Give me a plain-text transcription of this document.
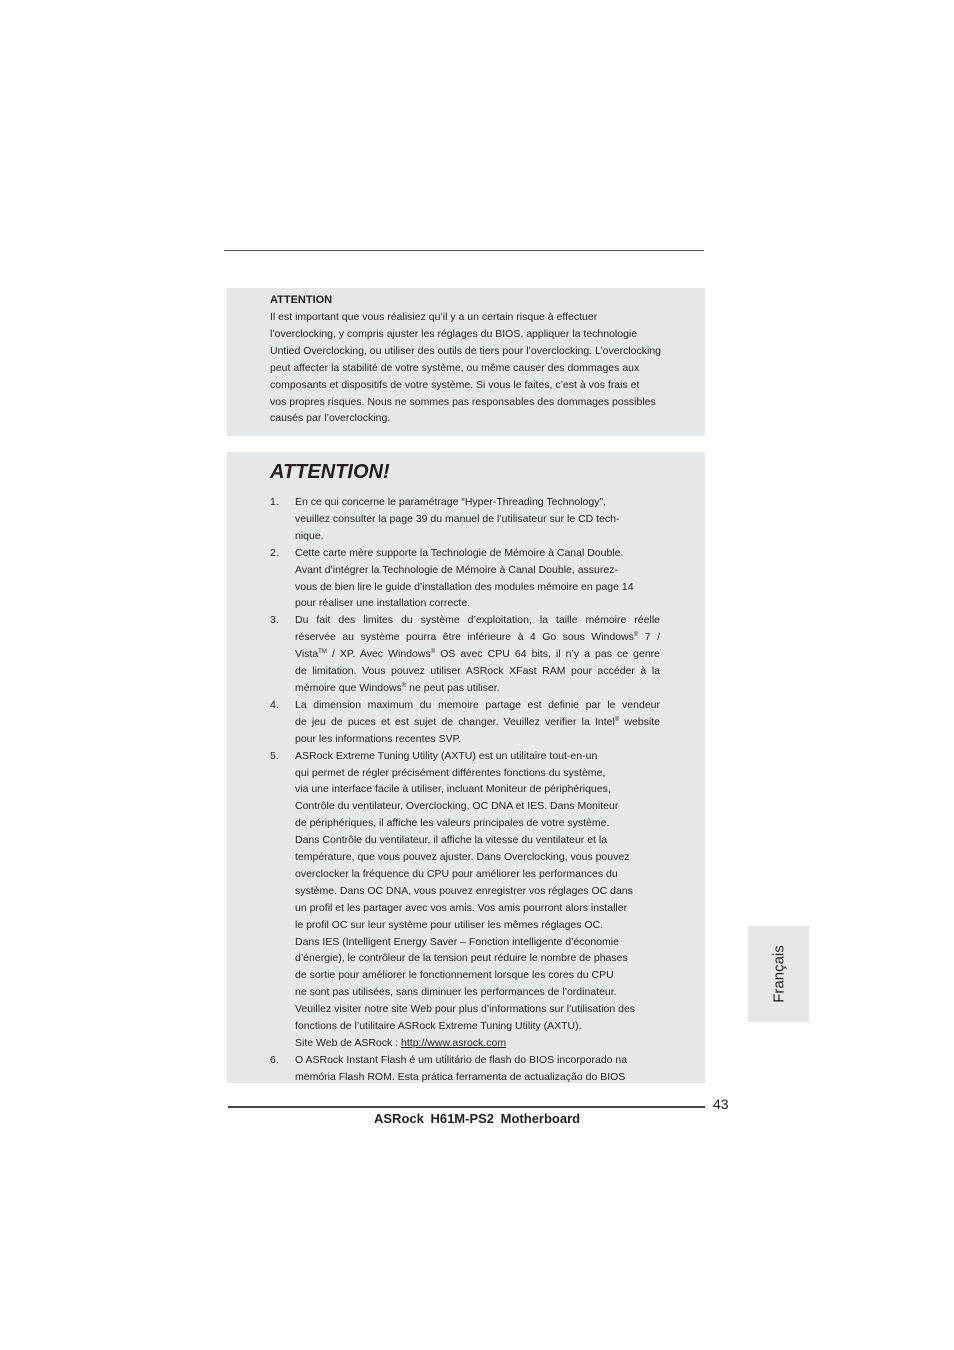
ATTENTION
Il est important que vous réalisiez qu’il y a un certain risque à effectuer
l’overclocking, y compris ajuster les réglages du BIOS, appliquer la technologie
Untied Overclocking, ou utiliser des outils de tiers pour l’overclocking. L’overclocking
peut affecter la stabilité de votre système, ou même causer des dommages aux
composants et dispositifs de votre système. Si vous le faites, c’est à vos frais et
vos propres risques. Nous ne sommes pas responsables des dommages possibles
causés par l’overclocking.
ATTENTION!
1.	En ce qui concerne le paramétrage “Hyper-Threading Technology”,
veuillez consulter la page 39 du manuel de l’utilisateur sur le CD tech-
nique.
2.	Cette carte mère supporte la Technologie de Mémoire à Canal Double.
Avant d’intégrer la Technologie de Mémoire à Canal Double, assurez-
vous de bien lire le guide d’installation des modules mémoire en page 14
pour réaliser une installation correcte.
3.	Du fait des limites du système d’exploitation, la taille mémoire réelle
réservée au système pourra être inférieure à 4 Go sous Windows® 7 /
Vista™ / XP. Avec Windows® OS avec CPU 64 bits, il n’y a pas ce genre
de limitation. Vous pouvez utiliser ASRock XFast RAM pour accéder à la
mémoire que Windows® ne peut pas utiliser.
4.	La dimension maximum du memoire partage est definie par le vendeur
de jeu de puces et est sujet de changer. Veuillez verifier la Intel® website
pour les informations recentes SVP.
5.	ASRock Extreme Tuning Utility (AXTU) est un utilitaire tout-en-un
qui permet de régler précisément différentes fonctions du système,
via une interface facile à utiliser, incluant Moniteur de périphériques,
Contrôle du ventilateur, Overclocking, OC DNA et IES. Dans Moniteur
de périphériques, il affiche les valeurs principales de votre système.
Dans Contrôle du ventilateur, il affiche la vitesse du ventilateur et la
température, que vous pouvez ajuster. Dans Overclocking, vous pouvez
overclocker la fréquence du CPU pour améliorer les performances du
système. Dans OC DNA, vous pouvez enregistrer vos réglages OC dans
un profil et les partager avec vos amis. Vos amis pourront alors installer
le profil OC sur leur système pour utiliser les mêmes réglages OC.
Dans IES (Intelligent Energy Saver – Fonction intelligente d’économie
d’énergie), le contrôleur de la tension peut réduire le nombre de phases
de sortie pour améliorer le fonctionnement lorsque les cores du CPU
ne sont pas utilisées, sans diminuer les performances de l’ordinateur.
Veuillez visiter notre site Web pour plus d’informations sur l’utilisation des
fonctions de l’utilitaire ASRock Extreme Tuning Utility (AXTU).
Site Web de ASRock : http://www.asrock.com
6.	O ASRock Instant Flash é um utilitário de flash do BIOS incorporado na
memória Flash ROM. Esta prática ferramenta de actualização do BIOS
Français
43
ASRock H61M-PS2 Motherboard
